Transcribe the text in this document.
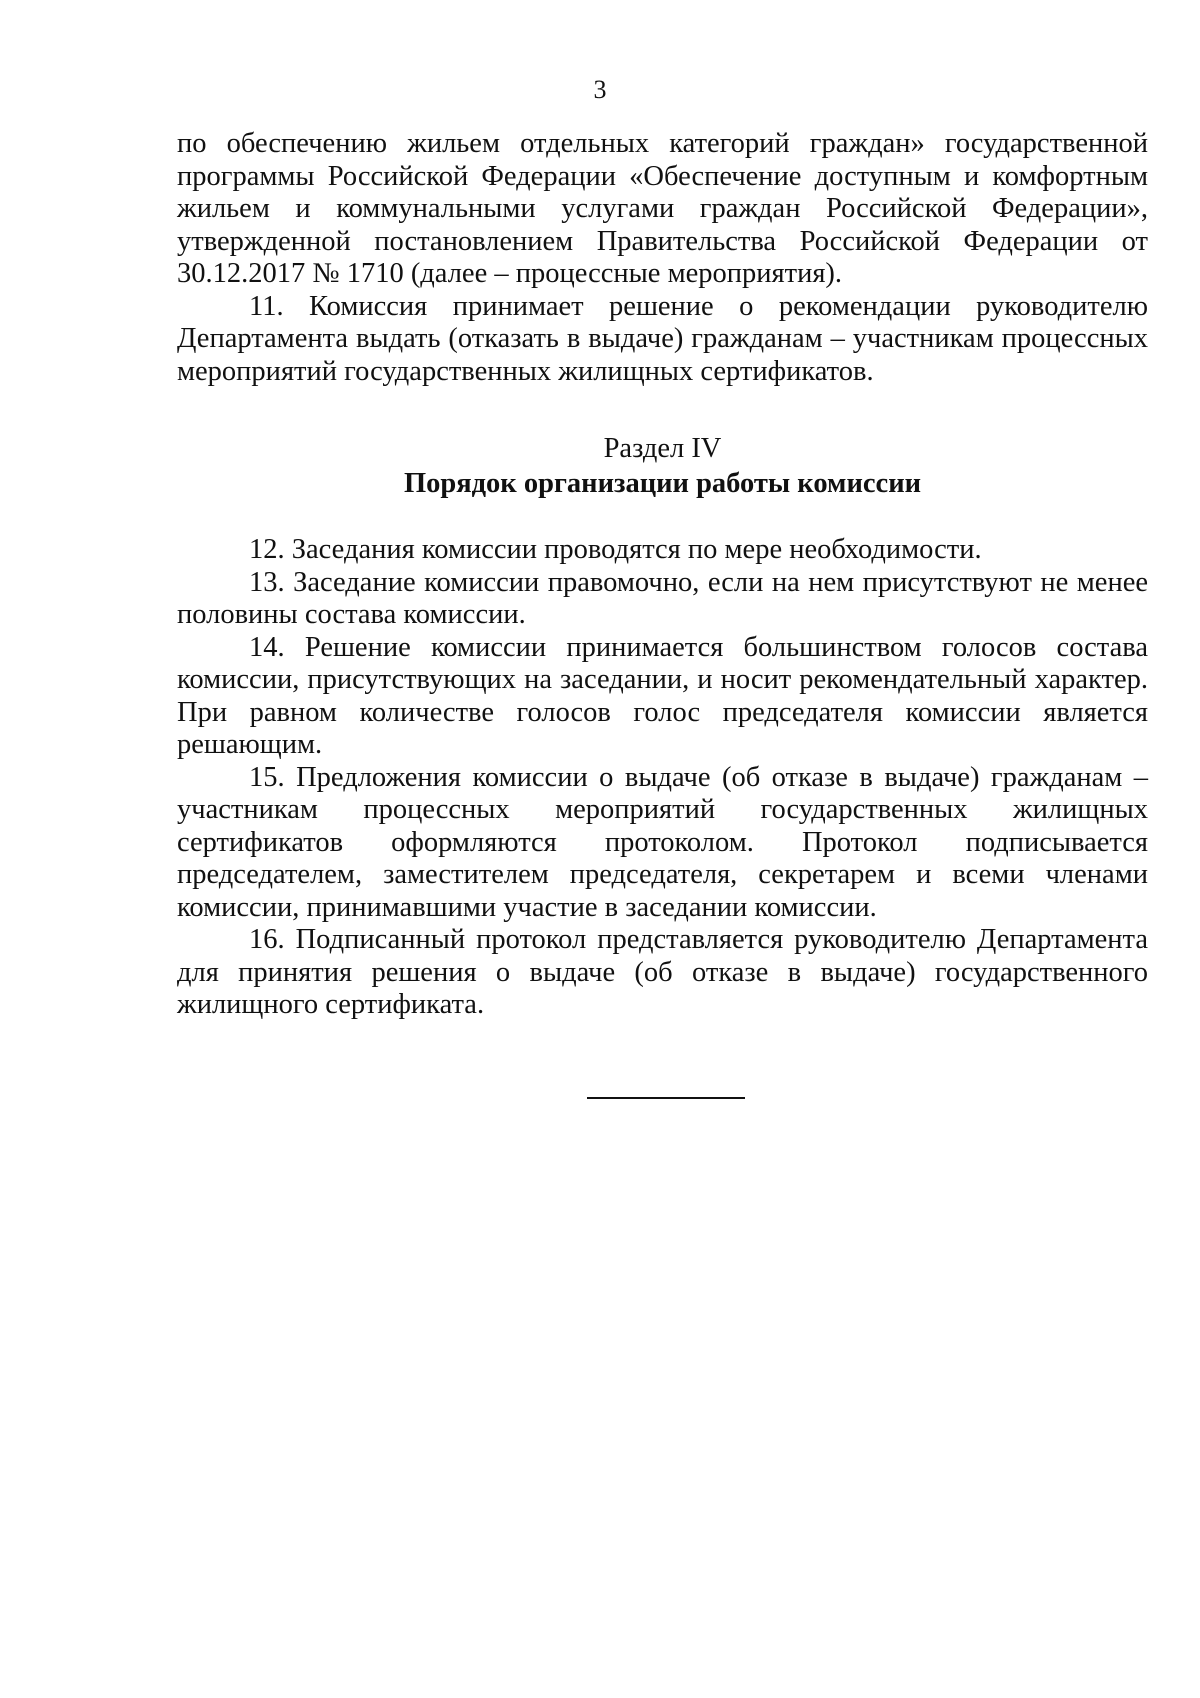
3

по обеспечению жильем отдельных категорий граждан» государственной программы Российской Федерации «Обеспечение доступным и комфортным жильем и коммунальными услугами граждан Российской Федерации», утвержденной постановлением Правительства Российской Федерации от 30.12.2017 № 1710 (далее – процессные мероприятия).

11. Комиссия принимает решение о рекомендации руководителю Департамента выдать (отказать в выдаче) гражданам – участникам процессных мероприятий государственных жилищных сертификатов.

Раздел IV
Порядок организации работы комиссии

12. Заседания комиссии проводятся по мере необходимости.

13. Заседание комиссии правомочно, если на нем присутствуют не менее половины состава комиссии.

14. Решение комиссии принимается большинством голосов состава комиссии, присутствующих на заседании, и носит рекомендательный характер. При равном количестве голосов голос председателя комиссии является решающим.

15. Предложения комиссии о выдаче (об отказе в выдаче) гражданам – участникам процессных мероприятий государственных жилищных сертификатов оформляются протоколом. Протокол подписывается председателем, заместителем председателя, секретарем и всеми членами комиссии, принимавшими участие в заседании комиссии.

16. Подписанный протокол представляется руководителю Департамента для принятия решения о выдаче (об отказе в выдаче) государственного жилищного сертификата.
